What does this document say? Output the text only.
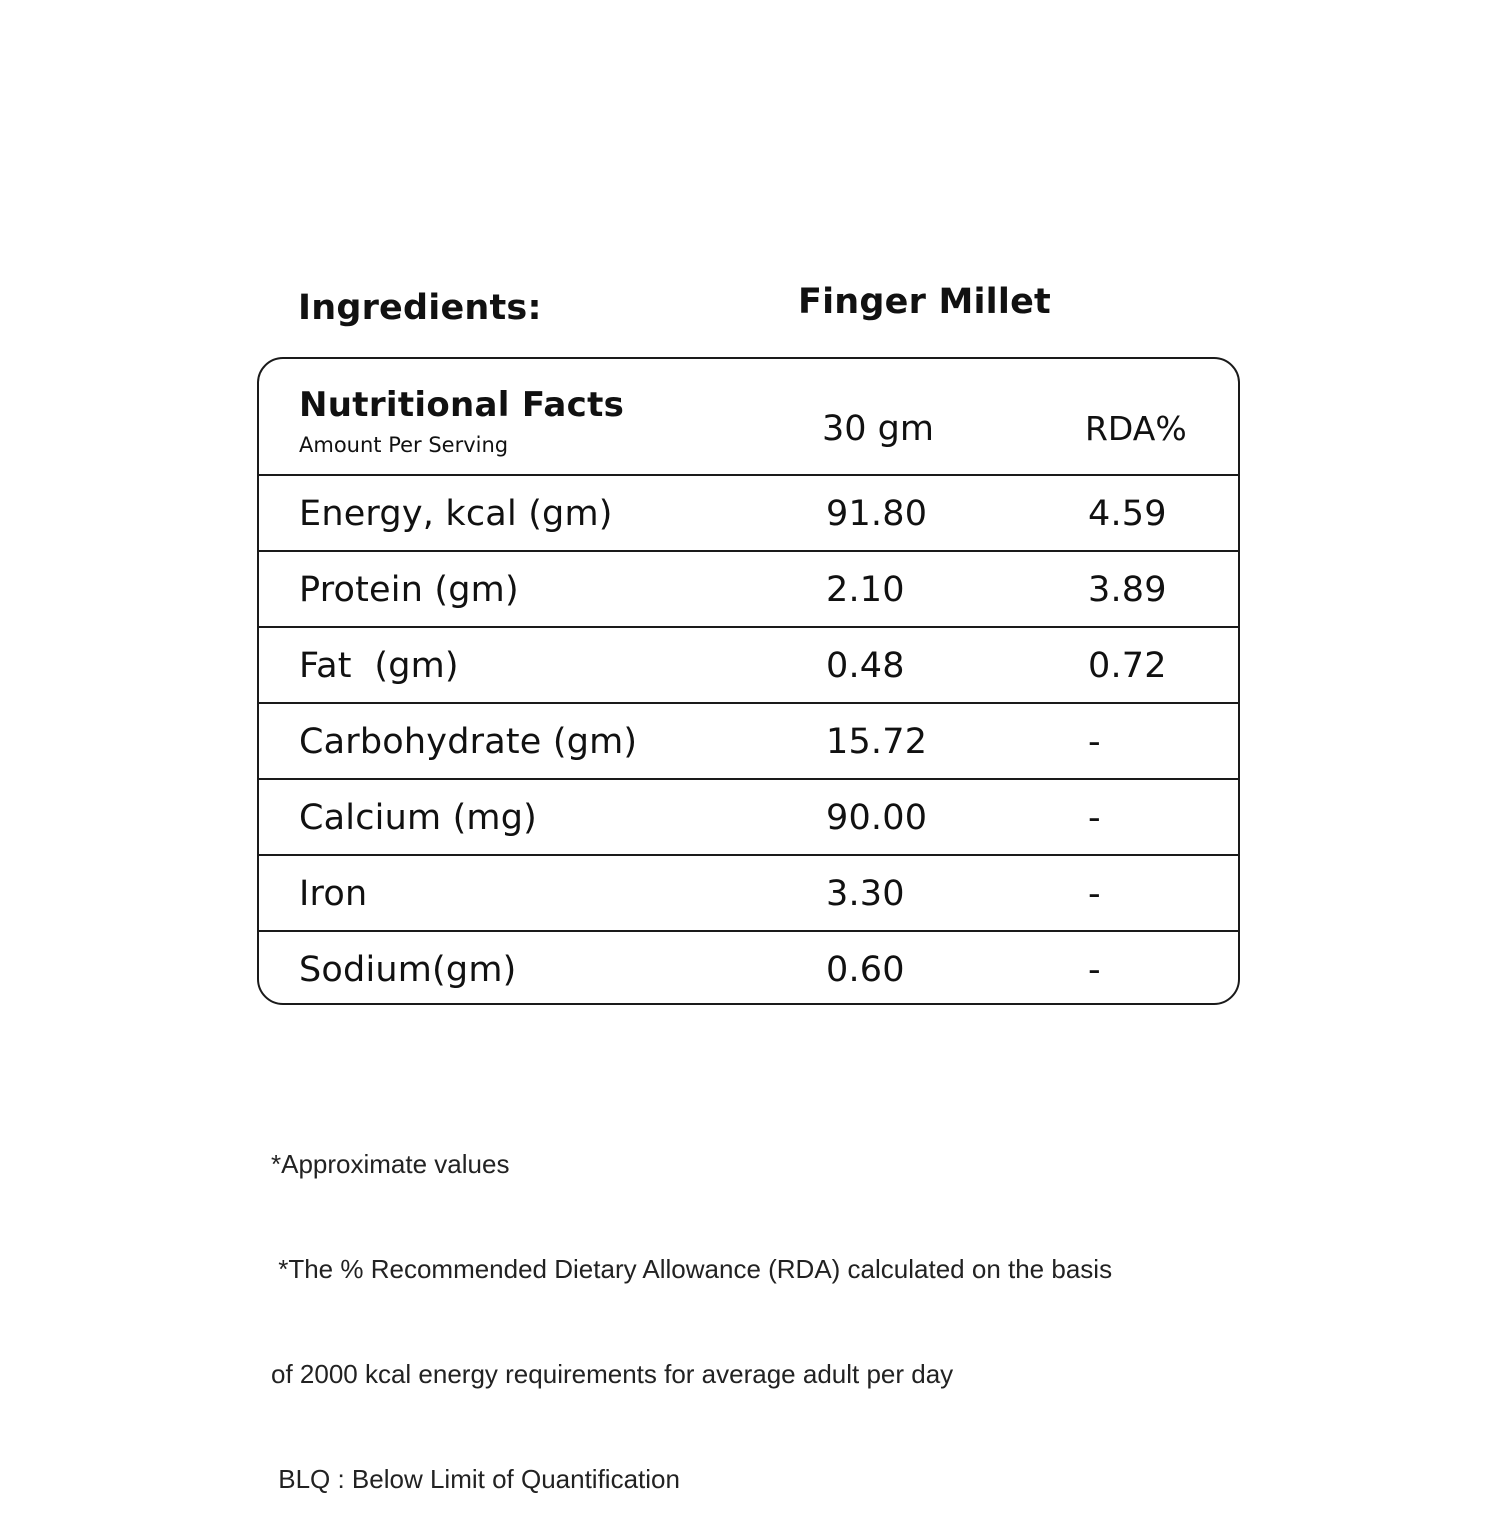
Ingredients:	Finger Millet
Nutritional Facts
Amount Per Serving	30 gm	RDA%
Energy, kcal (gm)	91.80	4.59
Protein (gm)	2.10	3.89
Fat  (gm)	0.48	0.72
Carbohydrate (gm)	15.72	-
Calcium (mg)	90.00	-
Iron	3.30	-
Sodium(gm)	0.60	-

*Approximate values

*The % Recommended Dietary Allowance (RDA) calculated on the basis

of 2000 kcal energy requirements for average adult per day

BLQ : Below Limit of Quantification
